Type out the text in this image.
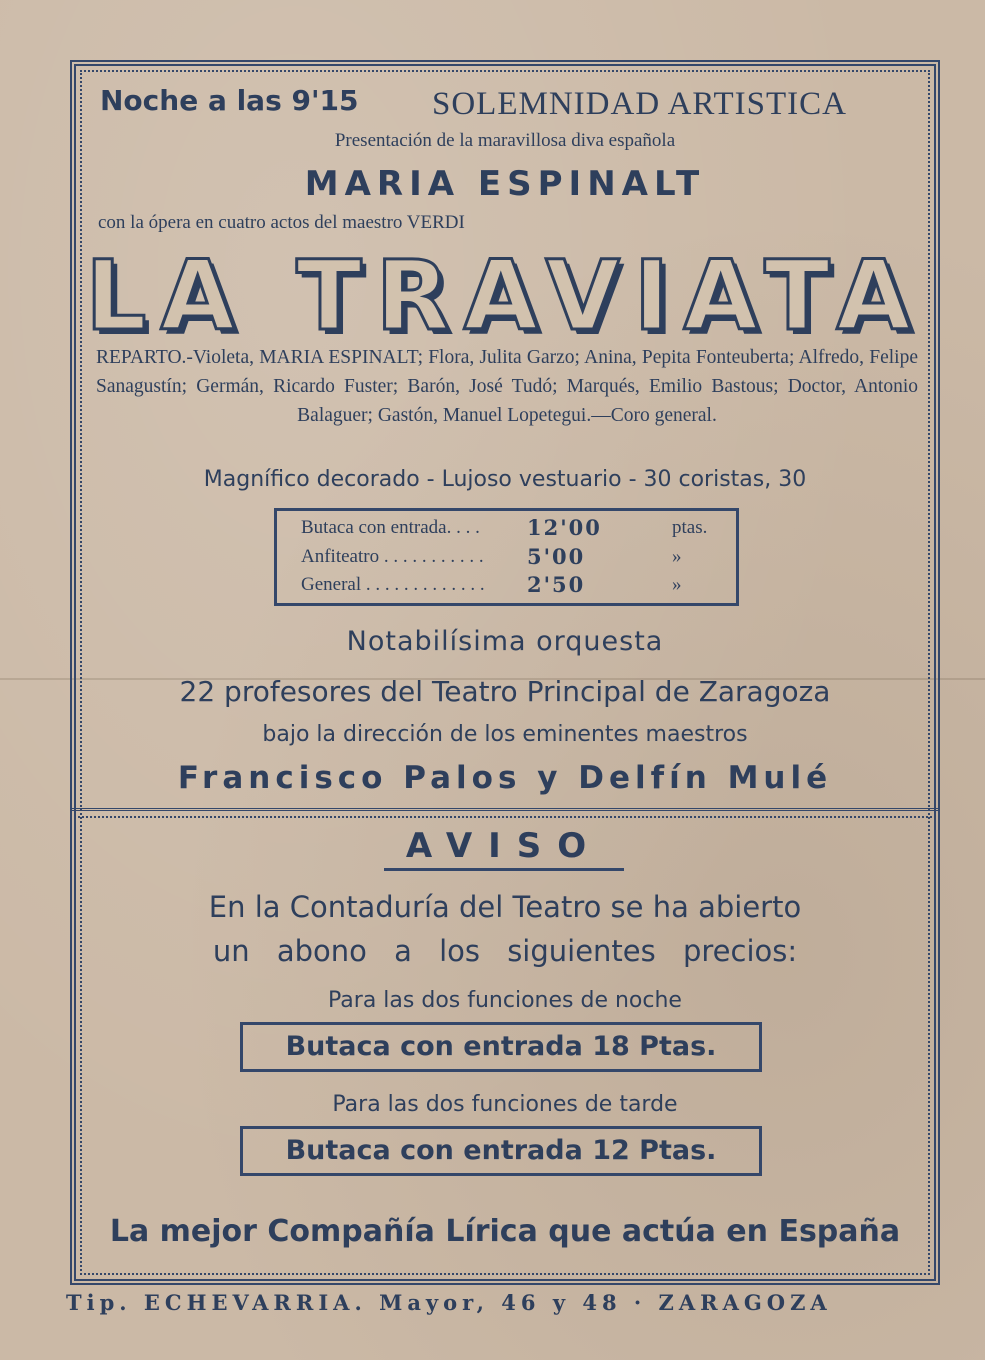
Noche a las 9'15 SOLEMNIDAD ARTISTICA
Presentación de la maravillosa diva española
MARIA ESPINALT
con la ópera en cuatro actos del maestro VERDI
LA TRAVIATA
REPARTO.-Violeta, MARIA ESPINALT; Flora, Julita Garzo; Anina, Pepita Fonteuberta; Alfredo, Felipe Sanagustín; Germán, Ricardo Fuster; Barón, José Tudó; Marqués, Emilio Bastous; Doctor, Antonio Balaguer; Gastón, Manuel Lopetegui.—Coro general.
Magnífico decorado - Lujoso vestuario - 30 coristas, 30
Butaca con entrada. . . . 12'00	ptas.
Anfiteatro . . . . . . . . . . . 5'00	»
General . . . . . . . . . . . . . 2'50	»
Notabilísima orquesta
22 profesores del Teatro Principal de Zaragoza
bajo la dirección de los eminentes maestros
Francisco Palos y Delfín Mulé
AVISO
En la Contaduría del Teatro se ha abierto
un abono a los siguientes precios:
Para las dos funciones de noche
Butaca con entrada 18 Ptas.
Para las dos funciones de tarde
Butaca con entrada 12 Ptas.
La mejor Compañía Lírica que actúa en España
Tip. ECHEVARRIA. Mayor, 46 y 48 · ZARAGOZA
